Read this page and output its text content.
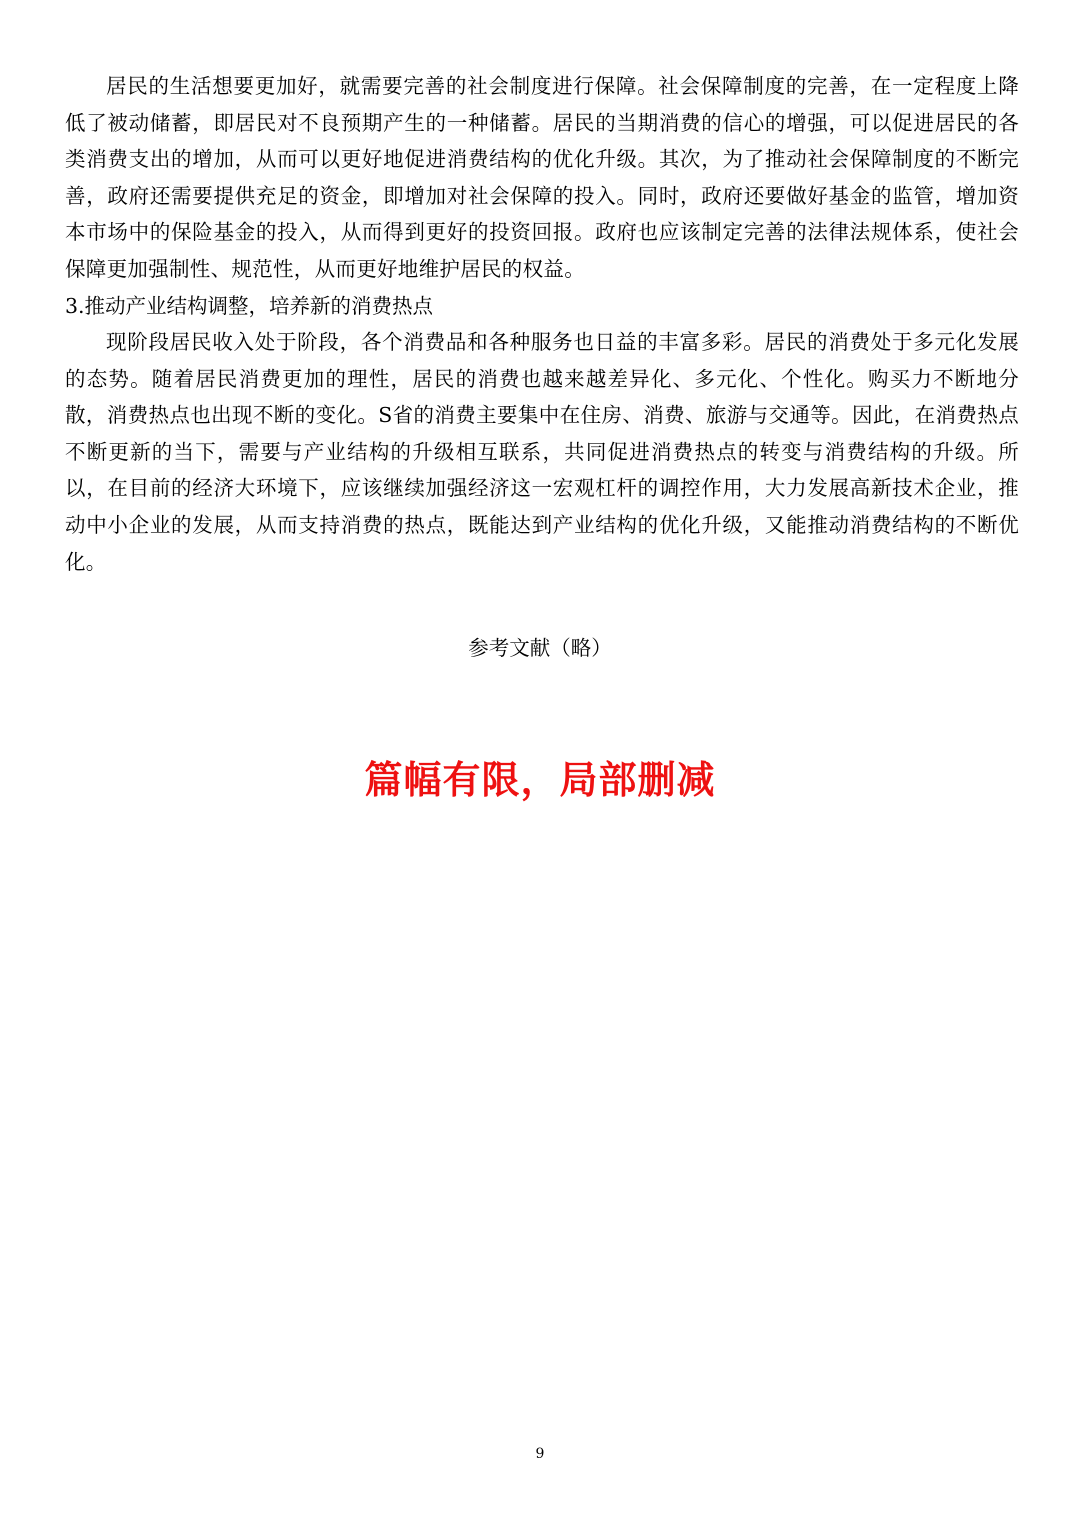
居民的生活想要更加好，就需要完善的社会制度进行保障。社会保障制度的完善，在一定程度上降低了被动储蓄，即居民对不良预期产生的一种储蓄。居民的当期消费的信心的增强，可以促进居民的各类消费支出的增加，从而可以更好地促进消费结构的优化升级。其次，为了推动社会保障制度的不断完善，政府还需要提供充足的资金，即增加对社会保障的投入。同时，政府还要做好基金的监管，增加资本市场中的保险基金的投入，从而得到更好的投资回报。政府也应该制定完善的法律法规体系，使社会保障更加强制性、规范性，从而更好地维护居民的权益。

3.推动产业结构调整，培养新的消费热点

现阶段居民收入处于阶段，各个消费品和各种服务也日益的丰富多彩。居民的消费处于多元化发展的态势。随着居民消费更加的理性，居民的消费也越来越差异化、多元化、个性化。购买力不断地分散，消费热点也出现不断的变化。S省的消费主要集中在住房、消费、旅游与交通等。因此，在消费热点不断更新的当下，需要与产业结构的升级相互联系，共同促进消费热点的转变与消费结构的升级。所以，在目前的经济大环境下，应该继续加强经济这一宏观杠杆的调控作用，大力发展高新技术企业，推动中小企业的发展，从而支持消费的热点，既能达到产业结构的优化升级，又能推动消费结构的不断优化。

参考文献（略）

篇幅有限，局部删减

9
